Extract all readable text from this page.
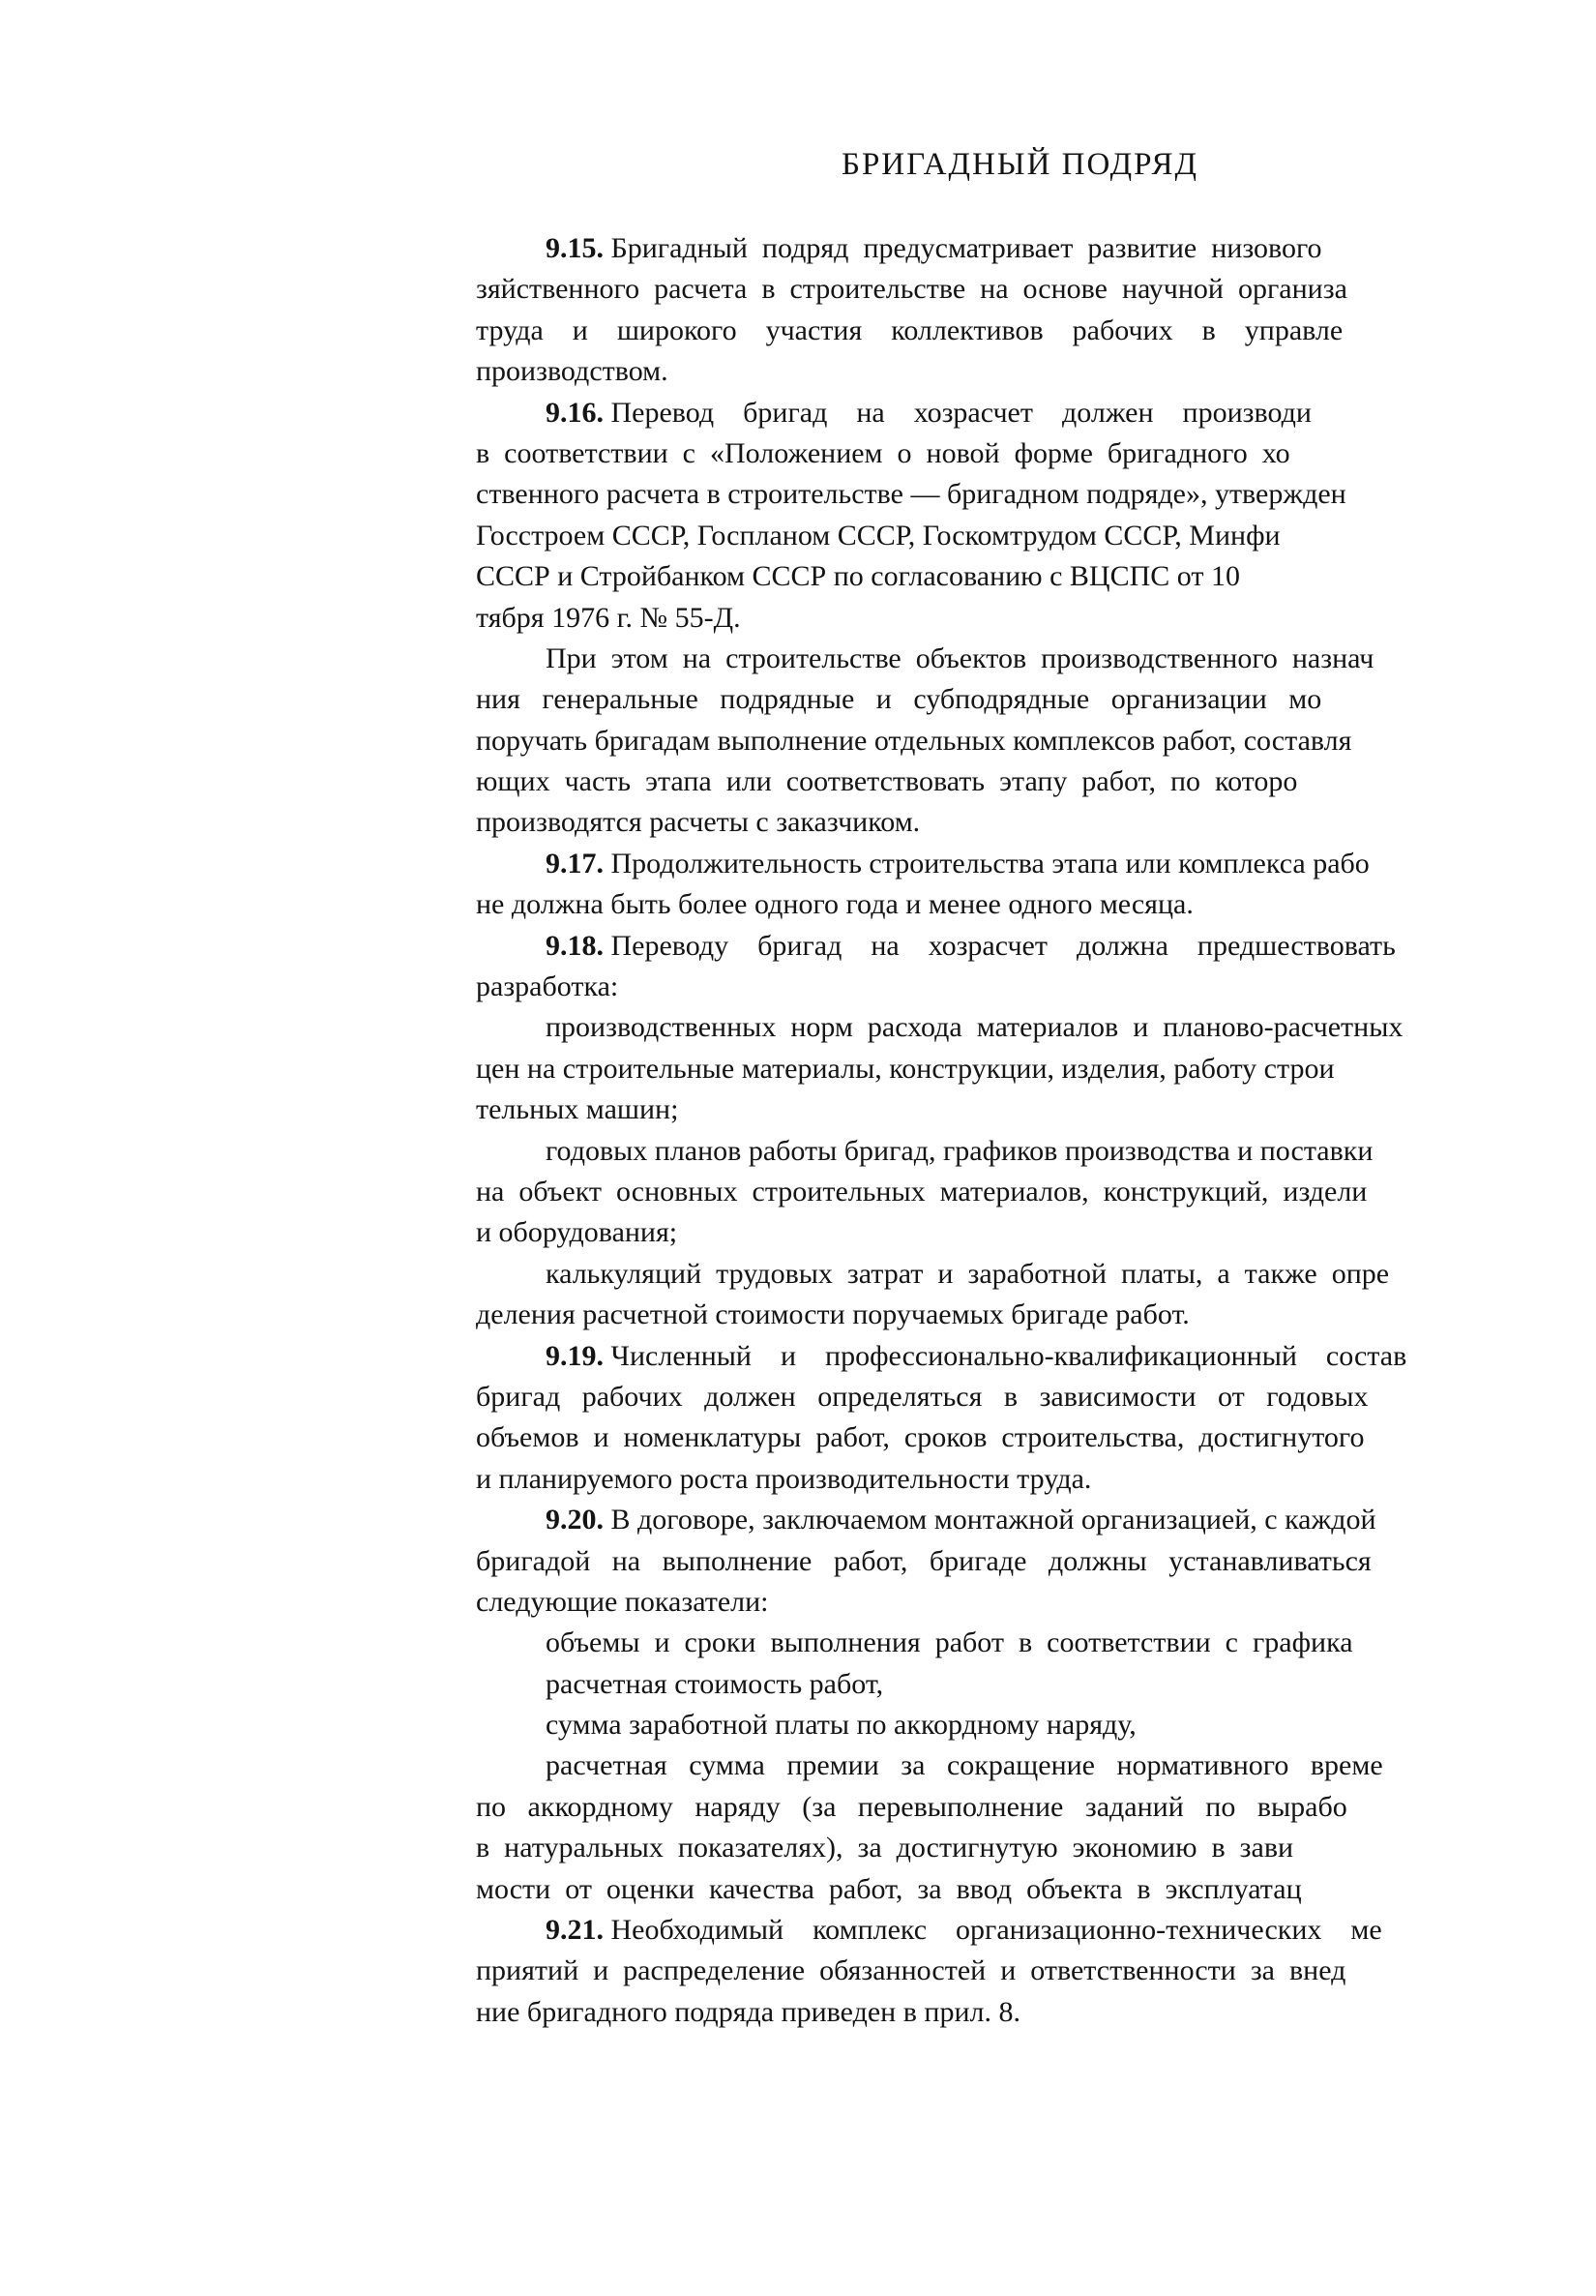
БРИГАДНЫЙ ПОДРЯД
9.15. Бригадный  подряд  предусматривает  развитие  низового
зяйственного  расчета  в  строительстве  на  основе  научной  организа
труда    и    широкого    участия    коллективов    рабочих    в    управле
производством.
9.16. Перевод    бригад    на    хозрасчет    должен    производи
в  соответствии  с  «Положением  о  новой  форме  бригадного  хо
ственного расчета в строительстве — бригадном подряде», утвержден
Госстроем СССР, Госпланом СССР, Госкомтрудом СССР, Минфи
СССР и Стройбанком СССР по согласованию с ВЦСПС от 10
тября 1976 г. № 55-Д.
При  этом  на  строительстве  объектов  производственного  назнач
ния   генеральные   подрядные   и   субподрядные   организации   мо
поручать бригадам выполнение отдельных комплексов работ, составля
ющих  часть  этапа  или  соответствовать  этапу  работ,  по  которо
производятся расчеты с заказчиком.
9.17. Продолжительность строительства этапа или комплекса рабо
не должна быть более одного года и менее одного месяца.
9.18. Переводу    бригад    на    хозрасчет    должна    предшествовать
разработка:
производственных  норм  расхода  материалов  и  планово-расчетных
цен на строительные материалы, конструкции, изделия, работу строи
тельных машин;
годовых планов работы бригад, графиков производства и поставки
на  объект  основных  строительных  материалов,  конструкций,  издели
и оборудования;
калькуляций  трудовых  затрат  и  заработной  платы,  а  также  опре
деления расчетной стоимости поручаемых бригаде работ.
9.19. Численный    и    профессионально-квалификационный    состав
бригад   рабочих   должен   определяться   в   зависимости   от   годовых
объемов  и  номенклатуры  работ,  сроков  строительства,  достигнутого
и планируемого роста производительности труда.
9.20. В договоре, заключаемом монтажной организацией, с каждой
бригадой   на   выполнение   работ,   бригаде   должны   устанавливаться
следующие показатели:
объемы  и  сроки  выполнения  работ  в  соответствии  с  графика
расчетная стоимость работ,
сумма заработной платы по аккордному наряду,
расчетная   сумма   премии   за   сокращение   нормативного   време
по   аккордному   наряду   (за   перевыполнение   заданий   по   вырабо
в  натуральных  показателях),  за  достигнутую  экономию  в  зави
мости  от  оценки  качества  работ,  за  ввод  объекта  в  эксплуатац
9.21. Необходимый    комплекс    организационно-технических    ме
приятий  и  распределение  обязанностей  и  ответственности  за  внед
ние бригадного подряда приведен в прил. 8.
